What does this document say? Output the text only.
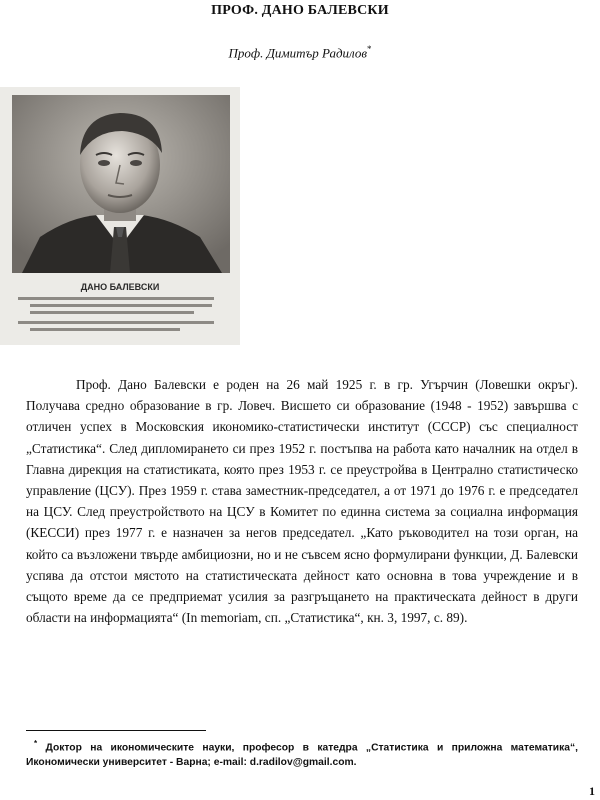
ПРОФ. ДАНО БАЛЕВСКИ
Проф. Димитър Радилов*
ДАНО БАЛЕВСКИ

Проф. Дано Балевски е роден на 26 май 1925 г. в гр. Угърчин (Ловешки окръг). Получава средно образование в гр. Ловеч. Висшето си образование (1948 - 1952) завършва с отличен успех в Московския икономико-статистически институт (СССР) със специалност „Статистика“. След дипломирането си през 1952 г. постъпва на работа като началник на отдел в Главна дирекция на статистиката, която през 1953 г. се преустройва в Централно статистическо управление (ЦСУ). През 1959 г. става заместник-председател, а от 1971 до 1976 г. е председател на ЦСУ. След преустройството на ЦСУ в Комитет по единна система за социална информация (КЕССИ) през 1977 г. е назначен за негов председател. „Като ръководител на този орган, на който са възложени твърде амбициозни, но и не съвсем ясно формулирани функции, Д. Балевски успява да отстои мястото на статистическата дейност като основна в това учреждение и в същото време да се предприемат усилия за разгръщането на практическата дейност в други области на информацията“ (In memoriam, сп. „Статистика“, кн. 3, 1997, с. 89).

* Доктор на икономическите науки, професор в катедра „Статистика и приложна математика“, Икономически университет - Варна; e-mail: d.radilov@gmail.com.

1
